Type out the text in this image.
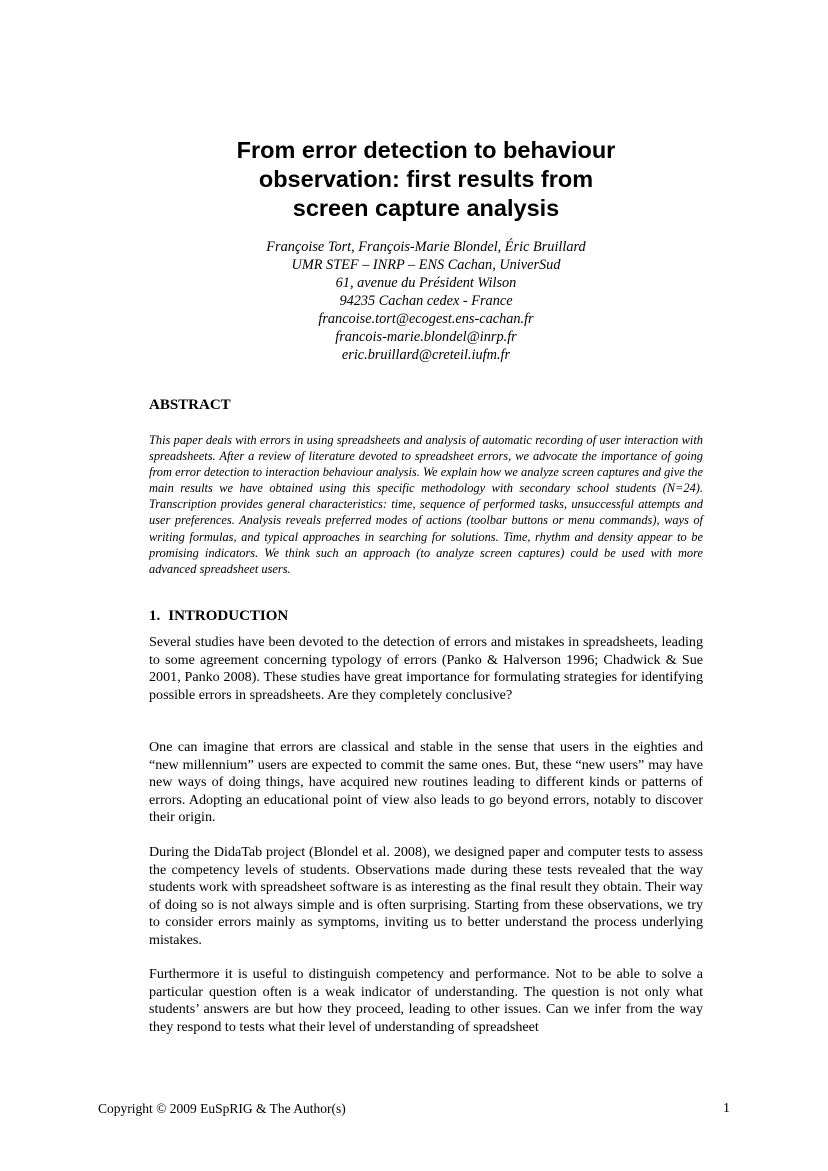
From error detection to behaviour
observation: first results from
screen capture analysis
Françoise Tort, François-Marie Blondel, Éric Bruillard
UMR STEF – INRP – ENS Cachan, UniverSud
61, avenue du Président Wilson
94235 Cachan cedex - France
francoise.tort@ecogest.ens-cachan.fr
francois-marie.blondel@inrp.fr
eric.bruillard@creteil.iufm.fr
ABSTRACT

This paper deals with errors in using spreadsheets and analysis of automatic recording of user interaction with spreadsheets. After a review of literature devoted to spreadsheet errors, we advocate the importance of going from error detection to interaction behaviour analysis. We explain how we analyze screen captures and give the main results we have obtained using this specific methodology with secondary school students (N=24). Transcription provides general characteristics: time, sequence of performed tasks, unsuccessful attempts and user preferences. Analysis reveals preferred modes of actions (toolbar buttons or menu commands), ways of writing formulas, and typical approaches in searching for solutions. Time, rhythm and density appear to be promising indicators. We think such an approach (to analyze screen captures) could be used with more advanced spreadsheet users.

1. INTRODUCTION

Several studies have been devoted to the detection of errors and mistakes in spreadsheets, leading to some agreement concerning typology of errors (Panko & Halverson 1996; Chadwick & Sue 2001, Panko 2008). These studies have great importance for formulating strategies for identifying possible errors in spreadsheets. Are they completely conclusive?

One can imagine that errors are classical and stable in the sense that users in the eighties and “new millennium” users are expected to commit the same ones. But, these “new users” may have new ways of doing things, have acquired new routines leading to different kinds or patterns of errors. Adopting an educational point of view also leads to go beyond errors, notably to discover their origin.

During the DidaTab project (Blondel et al. 2008), we designed paper and computer tests to assess the competency levels of students. Observations made during these tests revealed that the way students work with spreadsheet software is as interesting as the final result they obtain. Their way of doing so is not always simple and is often surprising. Starting from these observations, we try to consider errors mainly as symptoms, inviting us to better understand the process underlying mistakes.

Furthermore it is useful to distinguish competency and performance. Not to be able to solve a particular question often is a weak indicator of understanding. The question is not only what students’ answers are but how they proceed, leading to other issues. Can we infer from the way they respond to tests what their level of understanding of spreadsheet

Copyright © 2009 EuSpRIG & The Author(s)	1
